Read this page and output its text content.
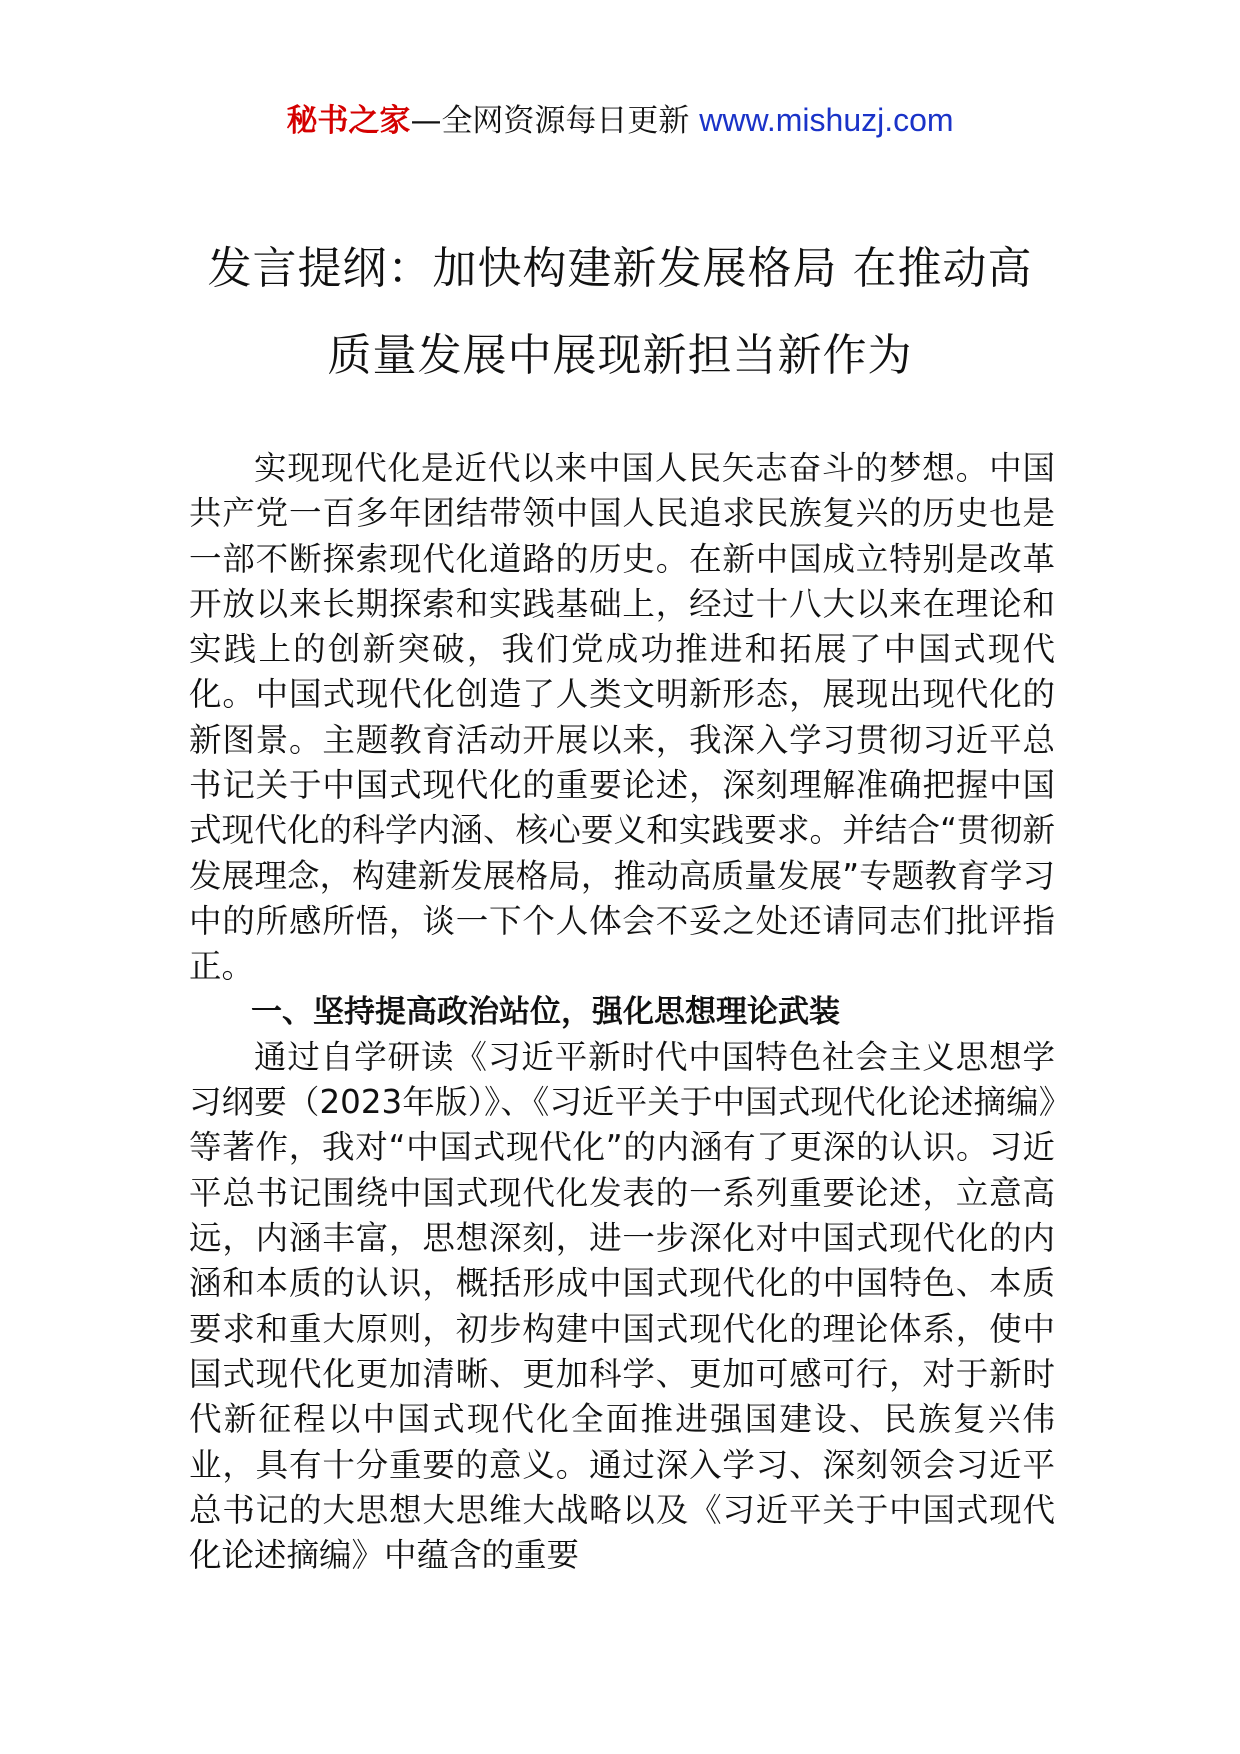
秘书之家—全网资源每日更新 www.mishuzj.com
发言提纲：加快构建新发展格局 在推动高
质量发展中展现新担当新作为

实现现代化是近代以来中国人民矢志奋斗的梦想。中国共产党一百多年团结带领中国人民追求民族复兴的历史也是一部不断探索现代化道路的历史。在新中国成立特别是改革开放以来长期探索和实践基础上，经过十八大以来在理论和实践上的创新突破，我们党成功推进和拓展了中国式现代化。中国式现代化创造了人类文明新形态，展现出现代化的新图景。主题教育活动开展以来，我深入学习贯彻习近平总书记关于中国式现代化的重要论述，深刻理解准确把握中国式现代化的科学内涵、核心要义和实践要求。并结合“贯彻新发展理念，构建新发展格局，推动高质量发展”专题教育学习中的所感所悟，谈一下个人体会不妥之处还请同志们批评指正。

一、坚持提高政治站位，强化思想理论武装

通过自学研读《习近平新时代中国特色社会主义思想学习纲要（2023年版）》、《习近平关于中国式现代化论述摘编》等著作，我对“中国式现代化”的内涵有了更深的认识。习近平总书记围绕中国式现代化发表的一系列重要论述，立意高远，内涵丰富，思想深刻，进一步深化对中国式现代化的内涵和本质的认识，概括形成中国式现代化的中国特色、本质要求和重大原则，初步构建中国式现代化的理论体系，使中国式现代化更加清晰、更加科学、更加可感可行，对于新时代新征程以中国式现代化全面推进强国建设、民族复兴伟业，具有十分重要的意义。通过深入学习、深刻领会习近平总书记的大思想大思维大战略以及《习近平关于中国式现代化论述摘编》中蕴含的重要
